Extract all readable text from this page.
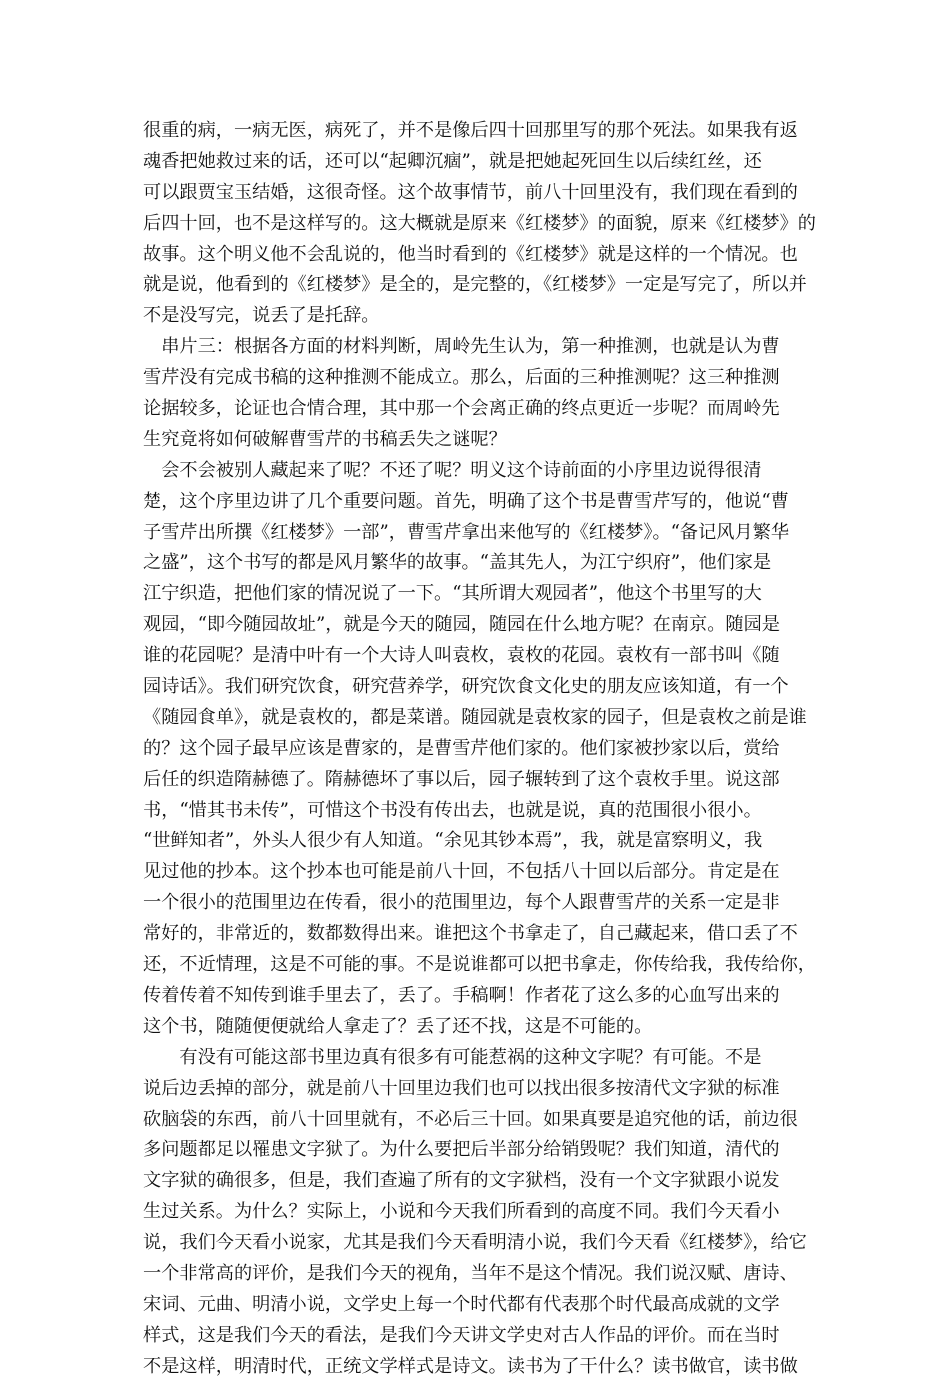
很重的病，一病无医，病死了，并不是像后四十回那里写的那个死法。如果我有返
魂香把她救过来的话，还可以“起卿沉痼”，就是把她起死回生以后续红丝，还
可以跟贾宝玉结婚，这很奇怪。这个故事情节，前八十回里没有，我们现在看到的
后四十回，也不是这样写的。这大概就是原来《红楼梦》的面貌，原来《红楼梦》的
故事。这个明义他不会乱说的，他当时看到的《红楼梦》就是这样的一个情况。也
就是说，他看到的《红楼梦》是全的，是完整的，《红楼梦》一定是写完了，所以并
不是没写完，说丢了是托辞。
　串片三：根据各方面的材料判断，周岭先生认为，第一种推测，也就是认为曹
雪芹没有完成书稿的这种推测不能成立。那么，后面的三种推测呢？这三种推测
论据较多，论证也合情合理，其中那一个会离正确的终点更近一步呢？而周岭先
生究竟将如何破解曹雪芹的书稿丢失之谜呢？
　会不会被别人藏起来了呢？不还了呢？明义这个诗前面的小序里边说得很清
楚，这个序里边讲了几个重要问题。首先，明确了这个书是曹雪芹写的，他说“曹
子雪芹出所撰《红楼梦》一部”，曹雪芹拿出来他写的《红楼梦》。“备记风月繁华
之盛”，这个书写的都是风月繁华的故事。“盖其先人，为江宁织府”，他们家是
江宁织造，把他们家的情况说了一下。“其所谓大观园者”，他这个书里写的大
观园，“即今随园故址”，就是今天的随园，随园在什么地方呢？在南京。随园是
谁的花园呢？是清中叶有一个大诗人叫袁枚，袁枚的花园。袁枚有一部书叫《随
园诗话》。我们研究饮食，研究营养学，研究饮食文化史的朋友应该知道，有一个
《随园食单》，就是袁枚的，都是菜谱。随园就是袁枚家的园子，但是袁枚之前是谁
的？这个园子最早应该是曹家的，是曹雪芹他们家的。他们家被抄家以后，赏给
后任的织造隋赫德了。隋赫德坏了事以后，园子辗转到了这个袁枚手里。说这部
书，“惜其书未传”，可惜这个书没有传出去，也就是说，真的范围很小很小。
“世鲜知者”，外头人很少有人知道。“余见其钞本焉”，我，就是富察明义，我
见过他的抄本。这个抄本也可能是前八十回，不包括八十回以后部分。肯定是在
一个很小的范围里边在传看，很小的范围里边，每个人跟曹雪芹的关系一定是非
常好的，非常近的，数都数得出来。谁把这个书拿走了，自己藏起来，借口丢了不
还，不近情理，这是不可能的事。不是说谁都可以把书拿走，你传给我，我传给你，
传着传着不知传到谁手里去了，丢了。手稿啊！作者花了这么多的心血写出来的
这个书，随随便便就给人拿走了？丢了还不找，这是不可能的。
　　有没有可能这部书里边真有很多有可能惹祸的这种文字呢？有可能。不是
说后边丢掉的部分，就是前八十回里边我们也可以找出很多按清代文字狱的标准
砍脑袋的东西，前八十回里就有，不必后三十回。如果真要是追究他的话，前边很
多问题都足以罹患文字狱了。为什么要把后半部分给销毁呢？我们知道，清代的
文字狱的确很多，但是，我们查遍了所有的文字狱档，没有一个文字狱跟小说发
生过关系。为什么？实际上，小说和今天我们所看到的高度不同。我们今天看小
说，我们今天看小说家，尤其是我们今天看明清小说，我们今天看《红楼梦》，给它
一个非常高的评价，是我们今天的视角，当年不是这个情况。我们说汉赋、唐诗、
宋词、元曲、明清小说，文学史上每一个时代都有代表那个时代最高成就的文学
样式，这是我们今天的看法，是我们今天讲文学史对古人作品的评价。而在当时
不是这样，明清时代，正统文学样式是诗文。读书为了干什么？读书做官，读书做
